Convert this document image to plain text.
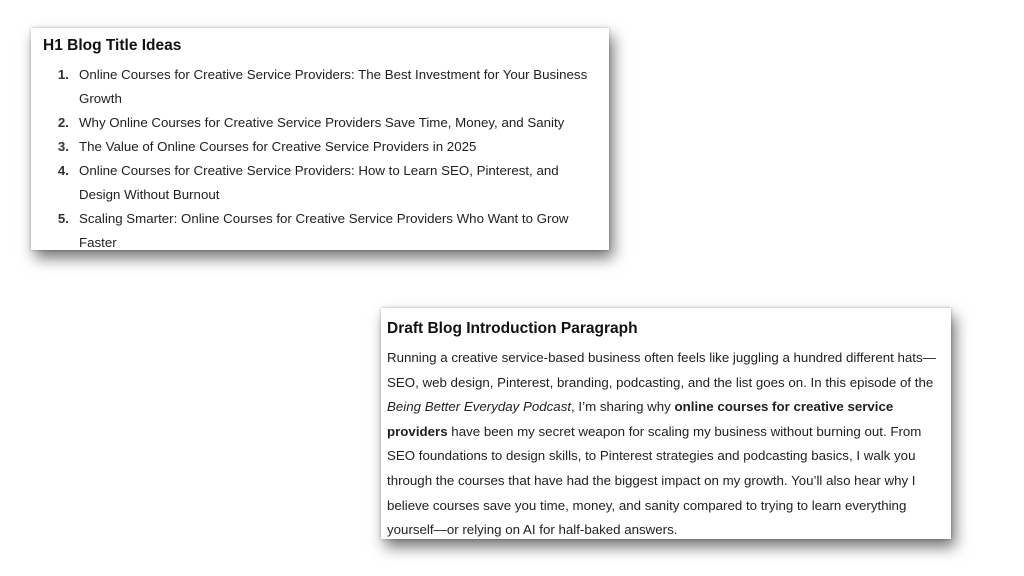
H1 Blog Title Ideas
1. Online Courses for Creative Service Providers: The Best Investment for Your Business Growth
2. Why Online Courses for Creative Service Providers Save Time, Money, and Sanity
3. The Value of Online Courses for Creative Service Providers in 2025
4. Online Courses for Creative Service Providers: How to Learn SEO, Pinterest, and Design Without Burnout
5. Scaling Smarter: Online Courses for Creative Service Providers Who Want to Grow Faster
Draft Blog Introduction Paragraph

Running a creative service-based business often feels like juggling a hundred different hats—SEO, web design, Pinterest, branding, podcasting, and the list goes on. In this episode of the Being Better Everyday Podcast, I’m sharing why online courses for creative service providers have been my secret weapon for scaling my business without burning out. From SEO foundations to design skills, to Pinterest strategies and podcasting basics, I walk you through the courses that have had the biggest impact on my growth. You’ll also hear why I believe courses save you time, money, and sanity compared to trying to learn everything yourself—or relying on AI for half-baked answers.
